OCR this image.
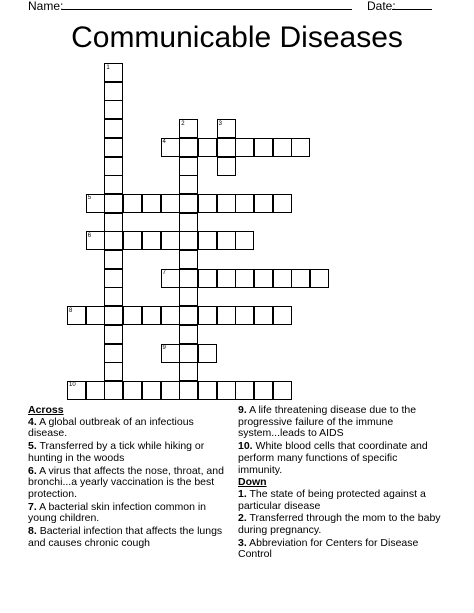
Name:	Date:
Communicable Diseases
1
2	3
4
5
6
7
8
9
10
Across
4. A global outbreak of an infectious disease.
5. Transferred by a tick while hiking or hunting in the woods
6. A virus that affects the nose, throat, and bronchi...a yearly vaccination is the best protection.
7. A bacterial skin infection common in young children.
8. Bacterial infection that affects the lungs and causes chronic cough
9. A life threatening disease due to the progressive failure of the immune system...leads to AIDS
10. White blood cells that coordinate and perform many functions of specific immunity.
Down
1. The state of being protected against a particular disease
2. Transferred through the mom to the baby during pregnancy.
3. Abbreviation for Centers for Disease Control
